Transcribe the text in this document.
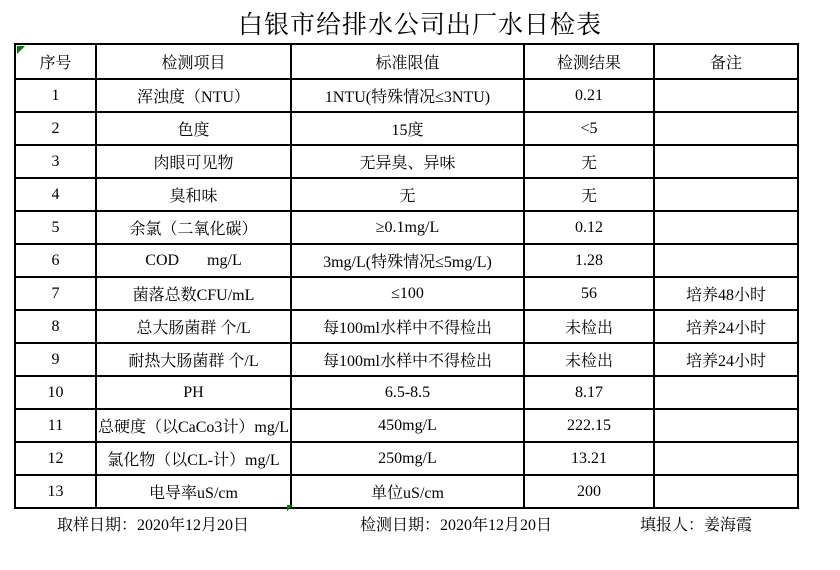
白银市给排水公司出厂水日检表
序号	检测项目	标准限值	检测结果	备注
1	浑浊度（NTU）	1NTU(特殊情况≤3NTU)	0.21	
2	色度	15度	<5	
3	肉眼可见物	无异臭、异味	无	
4	臭和味	无	无	
5	余氯（二氧化碳）	≥0.1mg/L	0.12	
6	COD       mg/L	3mg/L(特殊情况≤5mg/L)	1.28	
7	菌落总数CFU/mL	≤100	56	培养48小时
8	总大肠菌群 个/L	每100ml水样中不得检出	未检出	培养24小时
9	耐热大肠菌群 个/L	每100ml水样中不得检出	未检出	培养24小时
10	PH	6.5-8.5	8.17	
11	总硬度（以CaCo3计）mg/L	450mg/L	222.15	
12	氯化物（以CL-计）mg/L	250mg/L	13.21	
13	电导率uS/cm	单位uS/cm	200	
取样日期：2020年12月20日	检测日期：2020年12月20日	填报人：姜海霞
